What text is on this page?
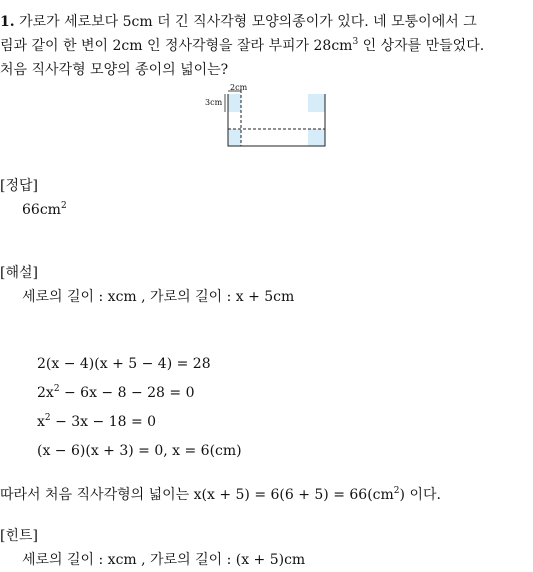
1. 가로가 세로보다 5cm 더 긴 직사각형 모양의종이가 있다. 네 모퉁이에서 그
림과 같이 한 변이 2cm 인 정사각형을 잘라 부피가 $28cm^3$ 인 상자를 만들었다.
처음 직사각형 모양의 종이의 넓이는?
2cm
3cm
[정답]
$66cm^2$
[해설]
세로의 길이 : xcm , 가로의 길이 : x + 5cm
2(x − 4)(x + 5 − 4) = 28
$2x^2 - 6x - 8 - 28 = 0$
$x^2 - 3x - 18 = 0$
(x − 6)(x + 3) = 0, x = 6(cm)
따라서 처음 직사각형의 넓이는 $x(x + 5) = 6(6 + 5) = 66(cm^2)$ 이다.
[힌트]
세로의 길이 : xcm , 가로의 길이 : (x + 5)cm
